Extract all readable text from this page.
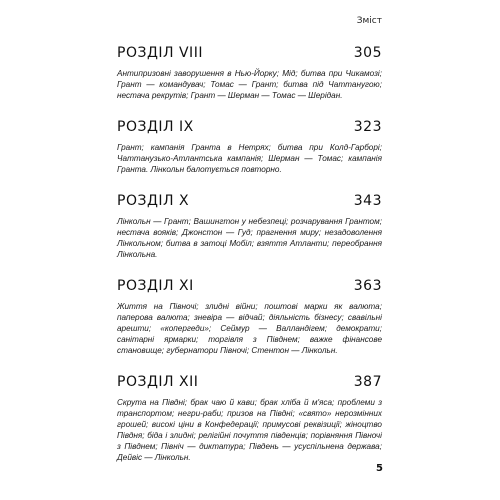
Зміст
РОЗДІЛ VIII	305
Антипризовні заворушення в Нью-Йорку; Мід; битва при Чикамозі; Грант — командувач; Томас — Грант; битва під Чаттанугою; нестача рекрутів; Грант — Шерман — Томас — Шерідан.
РОЗДІЛ IX	323
Грант; кампанія Гранта в Нетрях; битва при Колд-Гарборі; Чаттанузько-Атлантська кампанія; Шерман — Томас; кампанія Гранта. Лінкольн балотується повторно.
РОЗДІЛ X	343
Лінкольн — Грант; Вашингтон у небезпеці; розчарування Грантом; нестача вояків; Джонстон — Гуд; прагнення миру; незадоволення Лінкольном; битва в затоці Мобіл; взяття Атланти; переобрання Лінкольна.
РОЗДІЛ XI	363
Життя на Півночі; злидні війни; поштові марки як валюта; паперова валюта; зневіра — відчай; діяльність бізнесу; свавільні арешти; «копергеди»; Сеймур — Валландігем; демократи; санітарні ярмарки; торгівля з Півднем; важке фінансове становище; губернатори Півночі; Стентон — Лінкольн.
РОЗДІЛ XII	387
Скрута на Півдні; брак чаю й кави; брак хліба й м'яса; проблеми з транспортом; негри-раби; призов на Півдні; «свято» нерозмінних грошей; високі ціни в Конфедерації; примусові реквізиції; жіноцтво Півдня; біда і злидні; релігійні почуття південців; порівняння Півночі з Півднем; Північ — диктатура; Південь — усуспільнена держава; Дейвіс — Лінкольн.
5
